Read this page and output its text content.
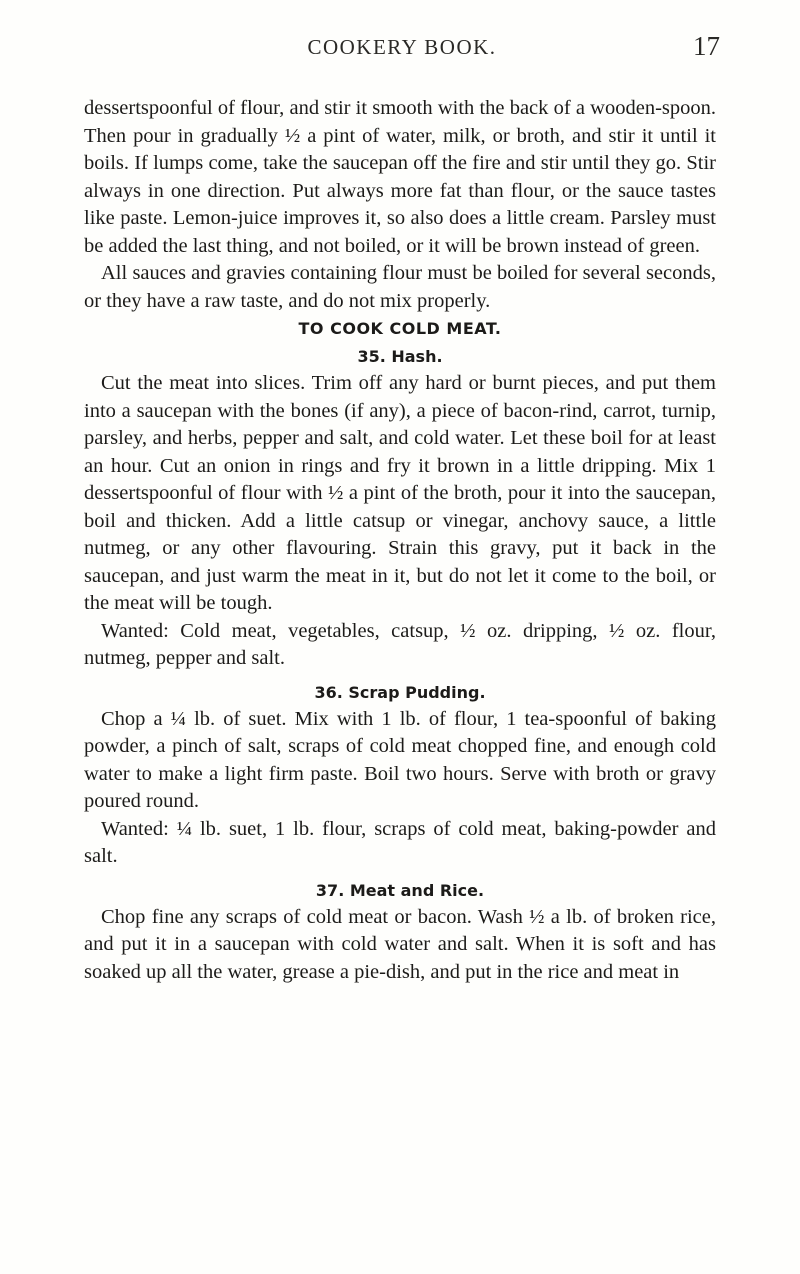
COOKERY BOOK.	17

dessertspoonful of flour, and stir it smooth with the back of a wooden-spoon. Then pour in gradually ½ a pint of water, milk, or broth, and stir it until it boils. If lumps come, take the saucepan off the fire and stir until they go. Stir always in one direction. Put always more fat than flour, or the sauce tastes like paste. Lemon-juice improves it, so also does a little cream. Parsley must be added the last thing, and not boiled, or it will be brown instead of green.

All sauces and gravies containing flour must be boiled for several seconds, or they have a raw taste, and do not mix properly.

TO COOK COLD MEAT.
35. Hash.

Cut the meat into slices. Trim off any hard or burnt pieces, and put them into a saucepan with the bones (if any), a piece of bacon-rind, carrot, turnip, parsley, and herbs, pepper and salt, and cold water. Let these boil for at least an hour. Cut an onion in rings and fry it brown in a little dripping. Mix 1 dessertspoonful of flour with ½ a pint of the broth, pour it into the saucepan, boil and thicken. Add a little catsup or vinegar, anchovy sauce, a little nutmeg, or any other flavouring. Strain this gravy, put it back in the saucepan, and just warm the meat in it, but do not let it come to the boil, or the meat will be tough.

Wanted: Cold meat, vegetables, catsup, ½ oz. dripping, ½ oz. flour, nutmeg, pepper and salt.

36. Scrap Pudding.

Chop a ¼ lb. of suet. Mix with 1 lb. of flour, 1 tea-spoonful of baking powder, a pinch of salt, scraps of cold meat chopped fine, and enough cold water to make a light firm paste. Boil two hours. Serve with broth or gravy poured round.

Wanted: ¼ lb. suet, 1 lb. flour, scraps of cold meat, baking-powder and salt.

37. Meat and Rice.

Chop fine any scraps of cold meat or bacon. Wash ½ a lb. of broken rice, and put it in a saucepan with cold water and salt. When it is soft and has soaked up all the water, grease a pie-dish, and put in the rice and meat in
